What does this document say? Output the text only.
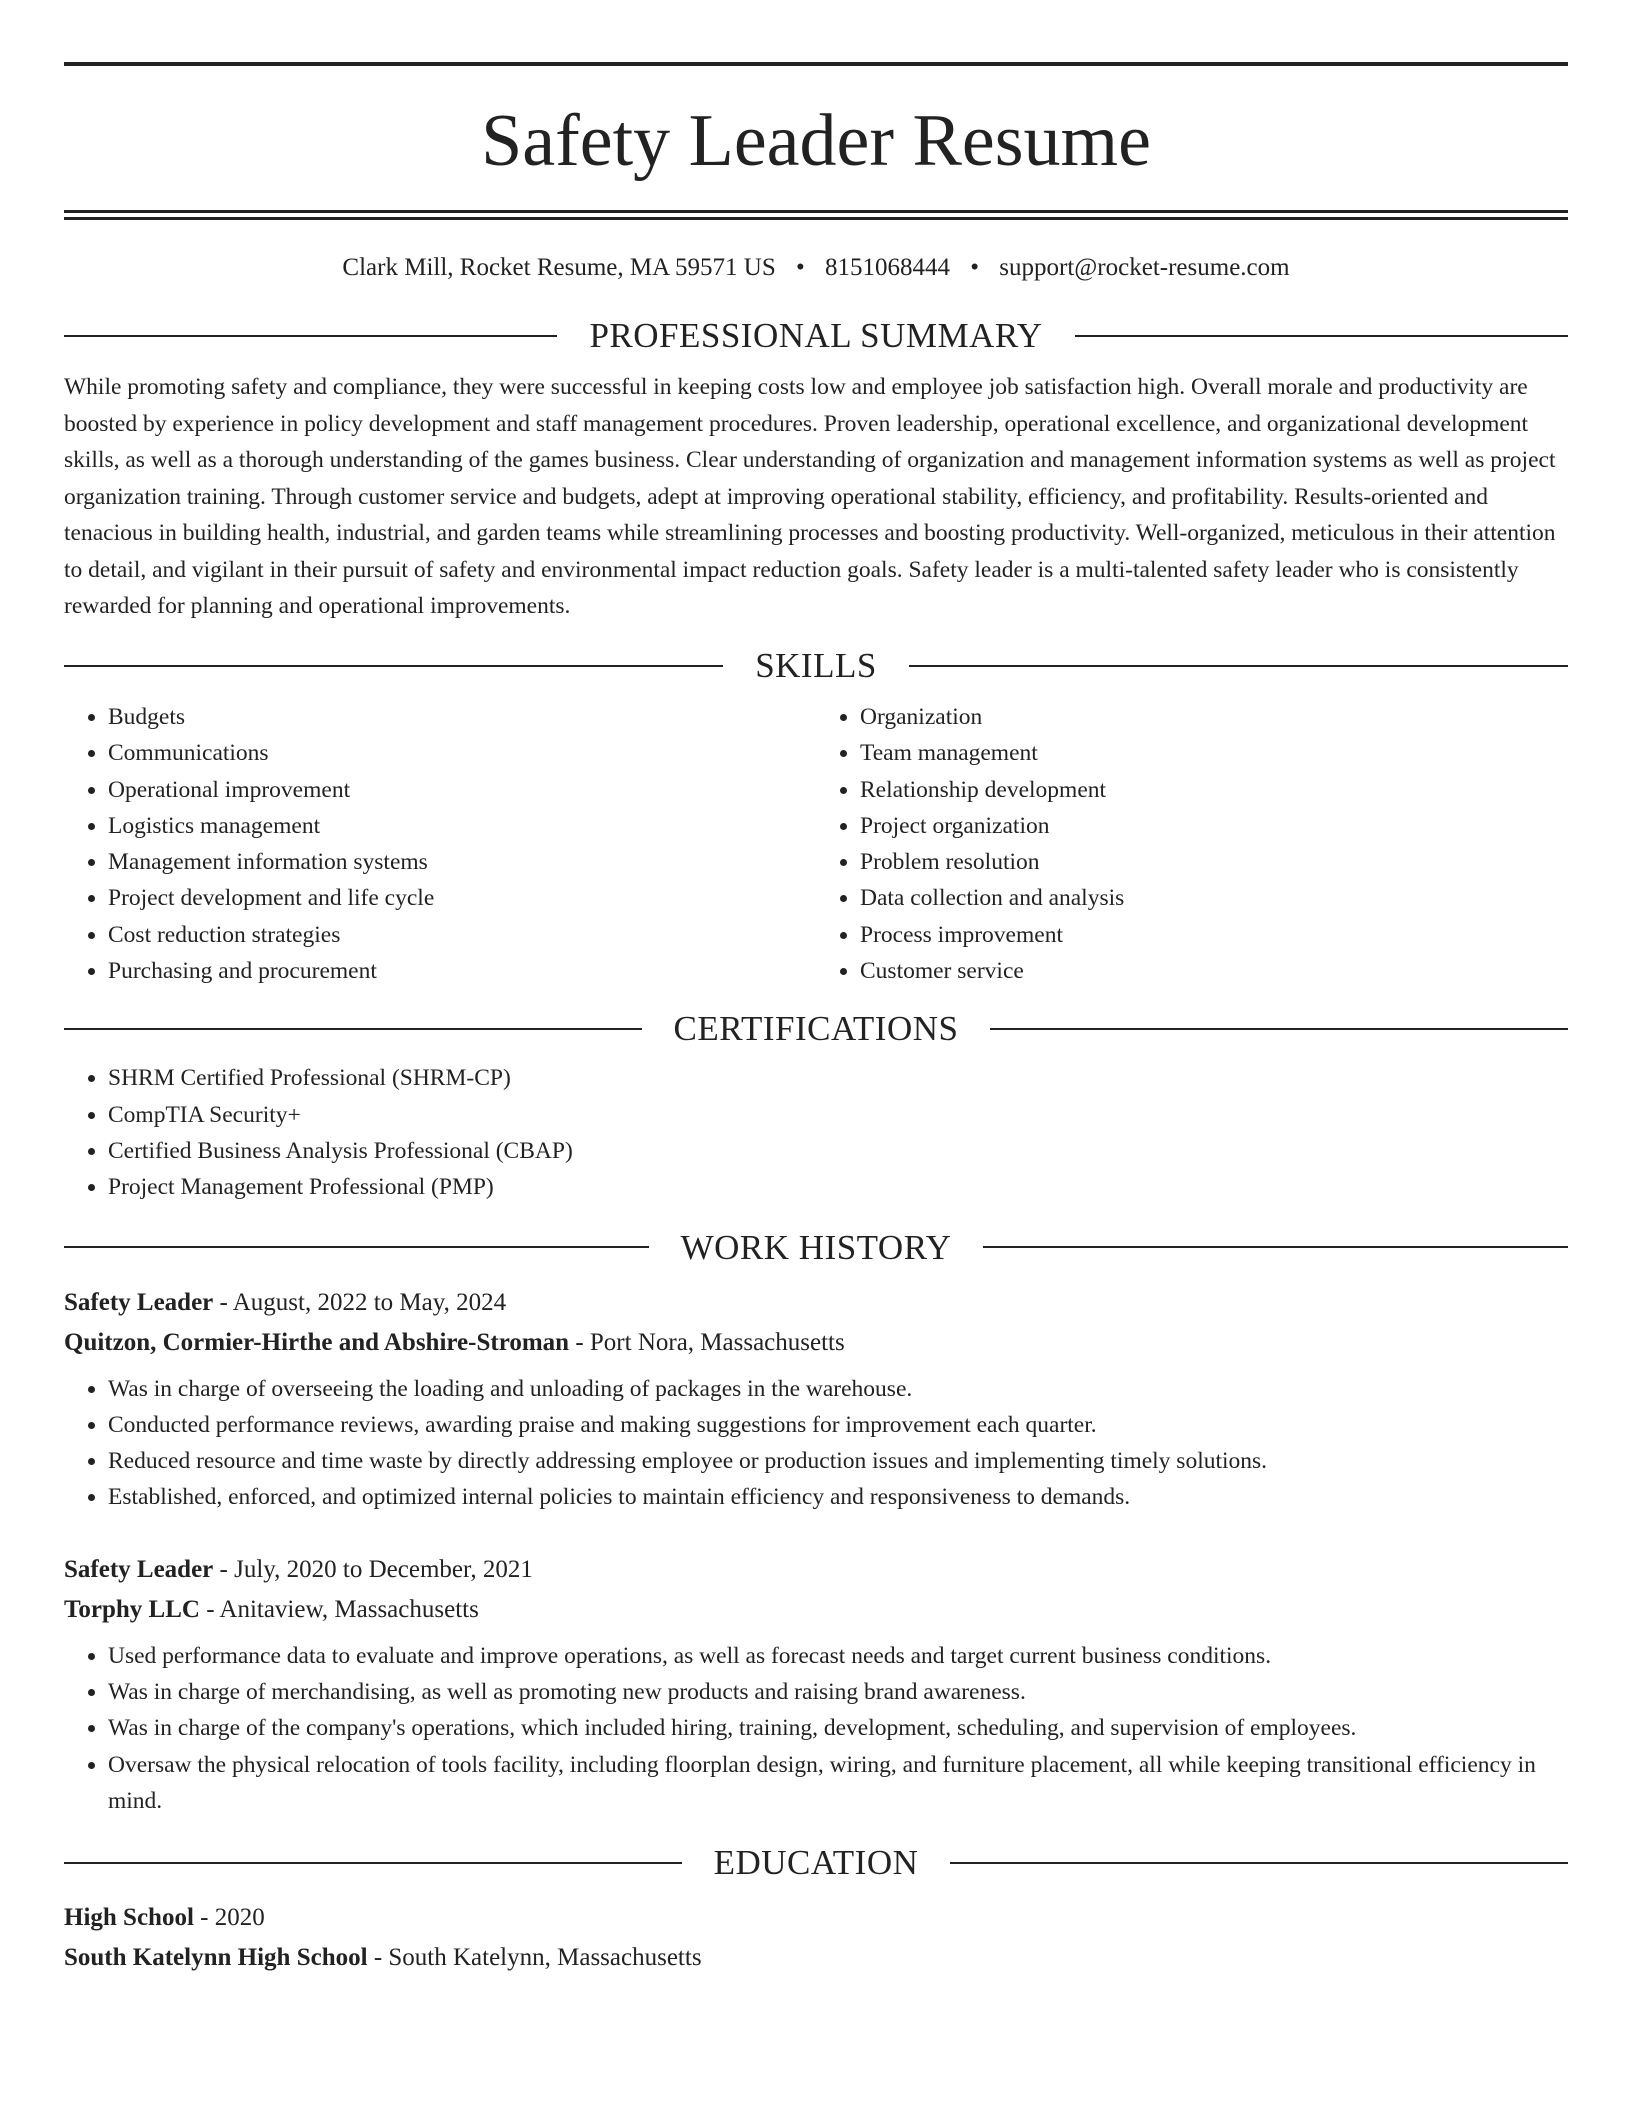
Safety Leader Resume
Clark Mill, Rocket Resume, MA 59571 US • 8151068444 • support@rocket-resume.com
PROFESSIONAL SUMMARY

While promoting safety and compliance, they were successful in keeping costs low and employee job satisfaction high. Overall morale and productivity are boosted by experience in policy development and staff management procedures. Proven leadership, operational excellence, and organizational development skills, as well as a thorough understanding of the games business. Clear understanding of organization and management information systems as well as project organization training. Through customer service and budgets, adept at improving operational stability, efficiency, and profitability. Results-oriented and tenacious in building health, industrial, and garden teams while streamlining processes and boosting productivity. Well-organized, meticulous in their attention to detail, and vigilant in their pursuit of safety and environmental impact reduction goals. Safety leader is a multi-talented safety leader who is consistently rewarded for planning and operational improvements.

SKILLS
• Budgets
• Communications
• Operational improvement
• Logistics management
• Management information systems
• Project development and life cycle
• Cost reduction strategies
• Purchasing and procurement
• Organization
• Team management
• Relationship development
• Project organization
• Problem resolution
• Data collection and analysis
• Process improvement
• Customer service
CERTIFICATIONS
• SHRM Certified Professional (SHRM-CP)
• CompTIA Security+
• Certified Business Analysis Professional (CBAP)
• Project Management Professional (PMP)
WORK HISTORY
Safety Leader - August, 2022 to May, 2024
Quitzon, Cormier-Hirthe and Abshire-Stroman - Port Nora, Massachusetts
• Was in charge of overseeing the loading and unloading of packages in the warehouse.
• Conducted performance reviews, awarding praise and making suggestions for improvement each quarter.
• Reduced resource and time waste by directly addressing employee or production issues and implementing timely solutions.
• Established, enforced, and optimized internal policies to maintain efficiency and responsiveness to demands.
Safety Leader - July, 2020 to December, 2021
Torphy LLC - Anitaview, Massachusetts
• Used performance data to evaluate and improve operations, as well as forecast needs and target current business conditions.
• Was in charge of merchandising, as well as promoting new products and raising brand awareness.
• Was in charge of the company's operations, which included hiring, training, development, scheduling, and supervision of employees.
• Oversaw the physical relocation of tools facility, including floorplan design, wiring, and furniture placement, all while keeping transitional efficiency in mind.
EDUCATION
High School - 2020
South Katelynn High School - South Katelynn, Massachusetts
